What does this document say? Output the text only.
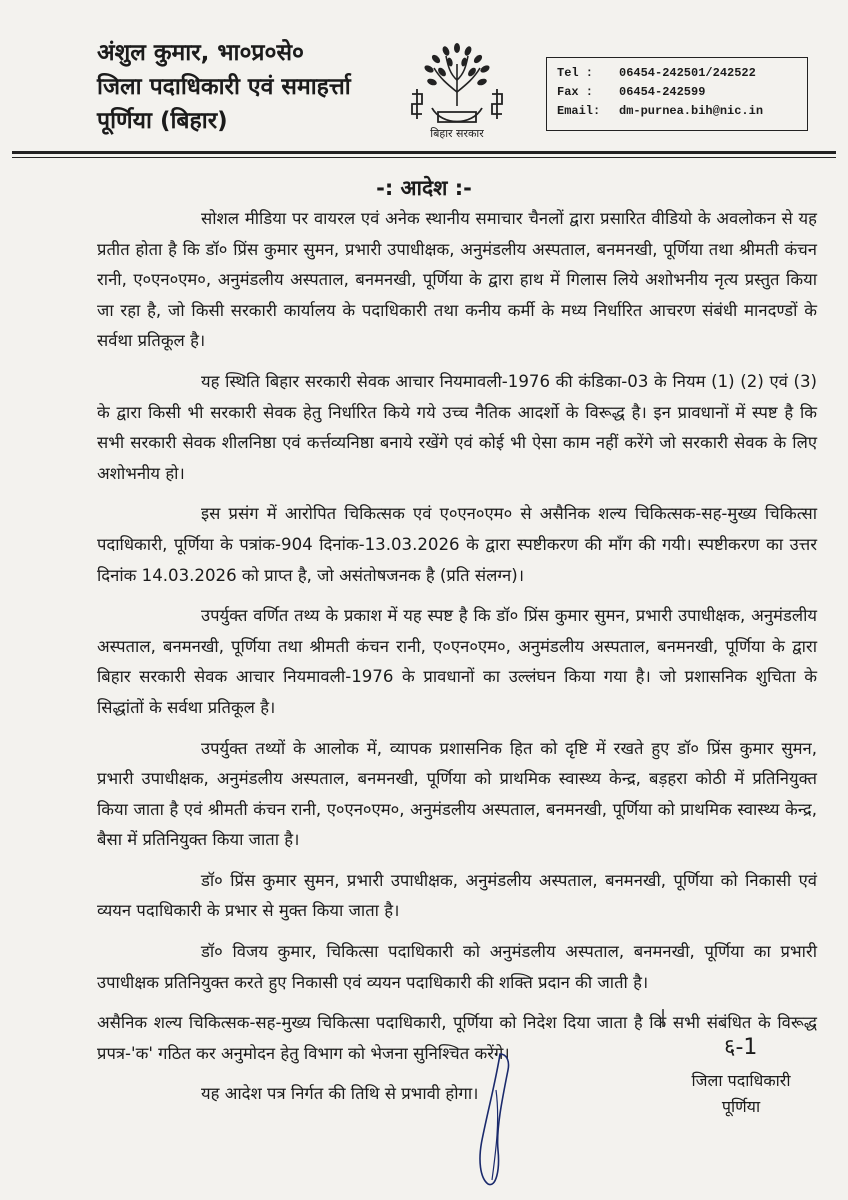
अंशुल कुमार, भा०प्र०से०
जिला पदाधिकारी एवं समाहर्त्ता
पूर्णिया (बिहार)	बिहार सरकार
Tel : 06454-242501/242522
Fax : 06454-242599
Email: dm-purnea.bih@nic.in
-: आदेश :-

सोशल मीडिया पर वायरल एवं अनेक स्थानीय समाचार चैनलों द्वारा प्रसारित वीडियो के अवलोकन से यह प्रतीत होता है कि डॉ० प्रिंस कुमार सुमन, प्रभारी उपाधीक्षक, अनुमंडलीय अस्पताल, बनमनखी, पूर्णिया तथा श्रीमती कंचन रानी, ए०एन०एम०, अनुमंडलीय अस्पताल, बनमनखी, पूर्णिया के द्वारा हाथ में गिलास लिये अशोभनीय नृत्य प्रस्तुत किया जा रहा है, जो किसी सरकारी कार्यालय के पदाधिकारी तथा कनीय कर्मी के मध्य निर्धारित आचरण संबंधी मानदण्डों के सर्वथा प्रतिकूल है।

यह स्थिति बिहार सरकारी सेवक आचार नियमावली-1976 की कंडिका-03 के नियम (1) (2) एवं (3) के द्वारा किसी भी सरकारी सेवक हेतु निर्धारित किये गये उच्च नैतिक आदर्शो के विरूद्ध है। इन प्रावधानों में स्पष्ट है कि सभी सरकारी सेवक शीलनिष्ठा एवं कर्त्तव्यनिष्ठा बनाये रखेंगे एवं कोई भी ऐसा काम नहीं करेंगे जो सरकारी सेवक के लिए अशोभनीय हो।

इस प्रसंग में आरोपित चिकित्सक एवं ए०एन०एम० से असैनिक शल्य चिकित्सक-सह-मुख्य चिकित्सा पदाधिकारी, पूर्णिया के पत्रांक-904 दिनांक-13.03.2026 के द्वारा स्पष्टीकरण की माँग की गयी। स्पष्टीकरण का उत्तर दिनांक 14.03.2026 को प्राप्त है, जो असंतोषजनक है (प्रति संलग्न)।

उपर्युक्त वर्णित तथ्य के प्रकाश में यह स्पष्ट है कि डॉ० प्रिंस कुमार सुमन, प्रभारी उपाधीक्षक, अनुमंडलीय अस्पताल, बनमनखी, पूर्णिया तथा श्रीमती कंचन रानी, ए०एन०एम०, अनुमंडलीय अस्पताल, बनमनखी, पूर्णिया के द्वारा बिहार सरकारी सेवक आचार नियमावली-1976 के प्रावधानों का उल्लंघन किया गया है। जो प्रशासनिक शुचिता के सिद्धांतों के सर्वथा प्रतिकूल है।

उपर्युक्त तथ्यों के आलोक में, व्यापक प्रशासनिक हित को दृष्टि में रखते हुए डॉ० प्रिंस कुमार सुमन, प्रभारी उपाधीक्षक, अनुमंडलीय अस्पताल, बनमनखी, पूर्णिया को प्राथमिक स्वास्थ्य केन्द्र, बड़हरा कोठी में प्रतिनियुक्त किया जाता है एवं श्रीमती कंचन रानी, ए०एन०एम०, अनुमंडलीय अस्पताल, बनमनखी, पूर्णिया को प्राथमिक स्वास्थ्य केन्द्र, बैसा में प्रतिनियुक्त किया जाता है।

डॉ० प्रिंस कुमार सुमन, प्रभारी उपाधीक्षक, अनुमंडलीय अस्पताल, बनमनखी, पूर्णिया को निकासी एवं व्ययन पदाधिकारी के प्रभार से मुक्त किया जाता है।

डॉ० विजय कुमार, चिकित्सा पदाधिकारी को अनुमंडलीय अस्पताल, बनमनखी, पूर्णिया का प्रभारी उपाधीक्षक प्रतिनियुक्त करते हुए निकासी एवं व्ययन पदाधिकारी की शक्ति प्रदान की जाती है।

असैनिक शल्य चिकित्सक-सह-मुख्य चिकित्सा पदाधिकारी, पूर्णिया को निदेश दिया जाता है कि सभी संबंधित के विरूद्ध प्रपत्र-'क' गठित कर अनुमोदन हेतु विभाग को भेजना सुनिश्चित करेंगे।

यह आदेश पत्र निर्गत की तिथि से प्रभावी होगा।

६-1
जिला पदाधिकारी
पूर्णिया
